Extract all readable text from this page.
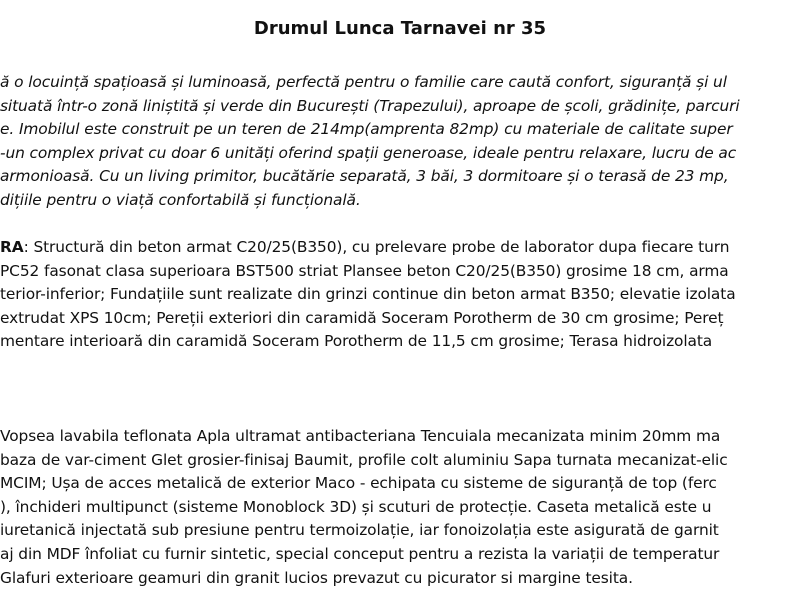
Drumul Lunca Tarnavei nr 35
ă o locuință spațioasă și luminoasă, perfectă pentru o familie care caută confort, siguranță și ul
situată într-o zonă liniștită și verde din București (Trapezului), aproape de școli, grădinițe, parcuri
e. Imobilul este construit pe un teren de 214mp(amprenta 82mp) cu materiale de calitate super
-un complex privat cu doar 6 unități oferind spații generoase, ideale pentru relaxare, lucru de ac
armonioasă. Cu un living primitor, bucătărie separată, 3 băi, 3 dormitoare și o terasă de 23 mp,
dițiile pentru o viață confortabilă și funcțională.
RA: Structură din beton armat C20/25(B350), cu prelevare probe de laborator dupa fiecare turn
PC52 fasonat clasa superioara BST500 striat Plansee beton C20/25(B350) grosime 18 cm, arma
terior-inferior; Fundațiile sunt realizate din grinzi continue din beton armat B350; elevatie izolata
extrudat XPS 10cm; Pereții exteriori din caramidă Soceram Porotherm de 30 cm grosime; Pereț
mentare interioară din caramidă Soceram Porotherm de 11,5 cm grosime; Terasa hidroizolata
Vopsea lavabila teflonata Apla ultramat antibacteriana Tencuiala mecanizata minim 20mm ma
baza de var-ciment Glet grosier-finisaj Baumit, profile colt aluminiu Sapa turnata mecanizat-elic
MCIM; Ușa de acces metalică de exterior Maco - echipata cu sisteme de siguranță de top (ferc
), închideri multipunct (sisteme Monoblock 3D) și scuturi de protecție. Caseta metalică este u
iuretanică injectată sub presiune pentru termoizolație, iar fonoizolația este asigurată de garnit
aj din MDF înfoliat cu furnir sintetic, special conceput pentru a rezista la variații de temperatur
Glafuri exterioare geamuri din granit lucios prevazut cu picurator si margine tesita.
